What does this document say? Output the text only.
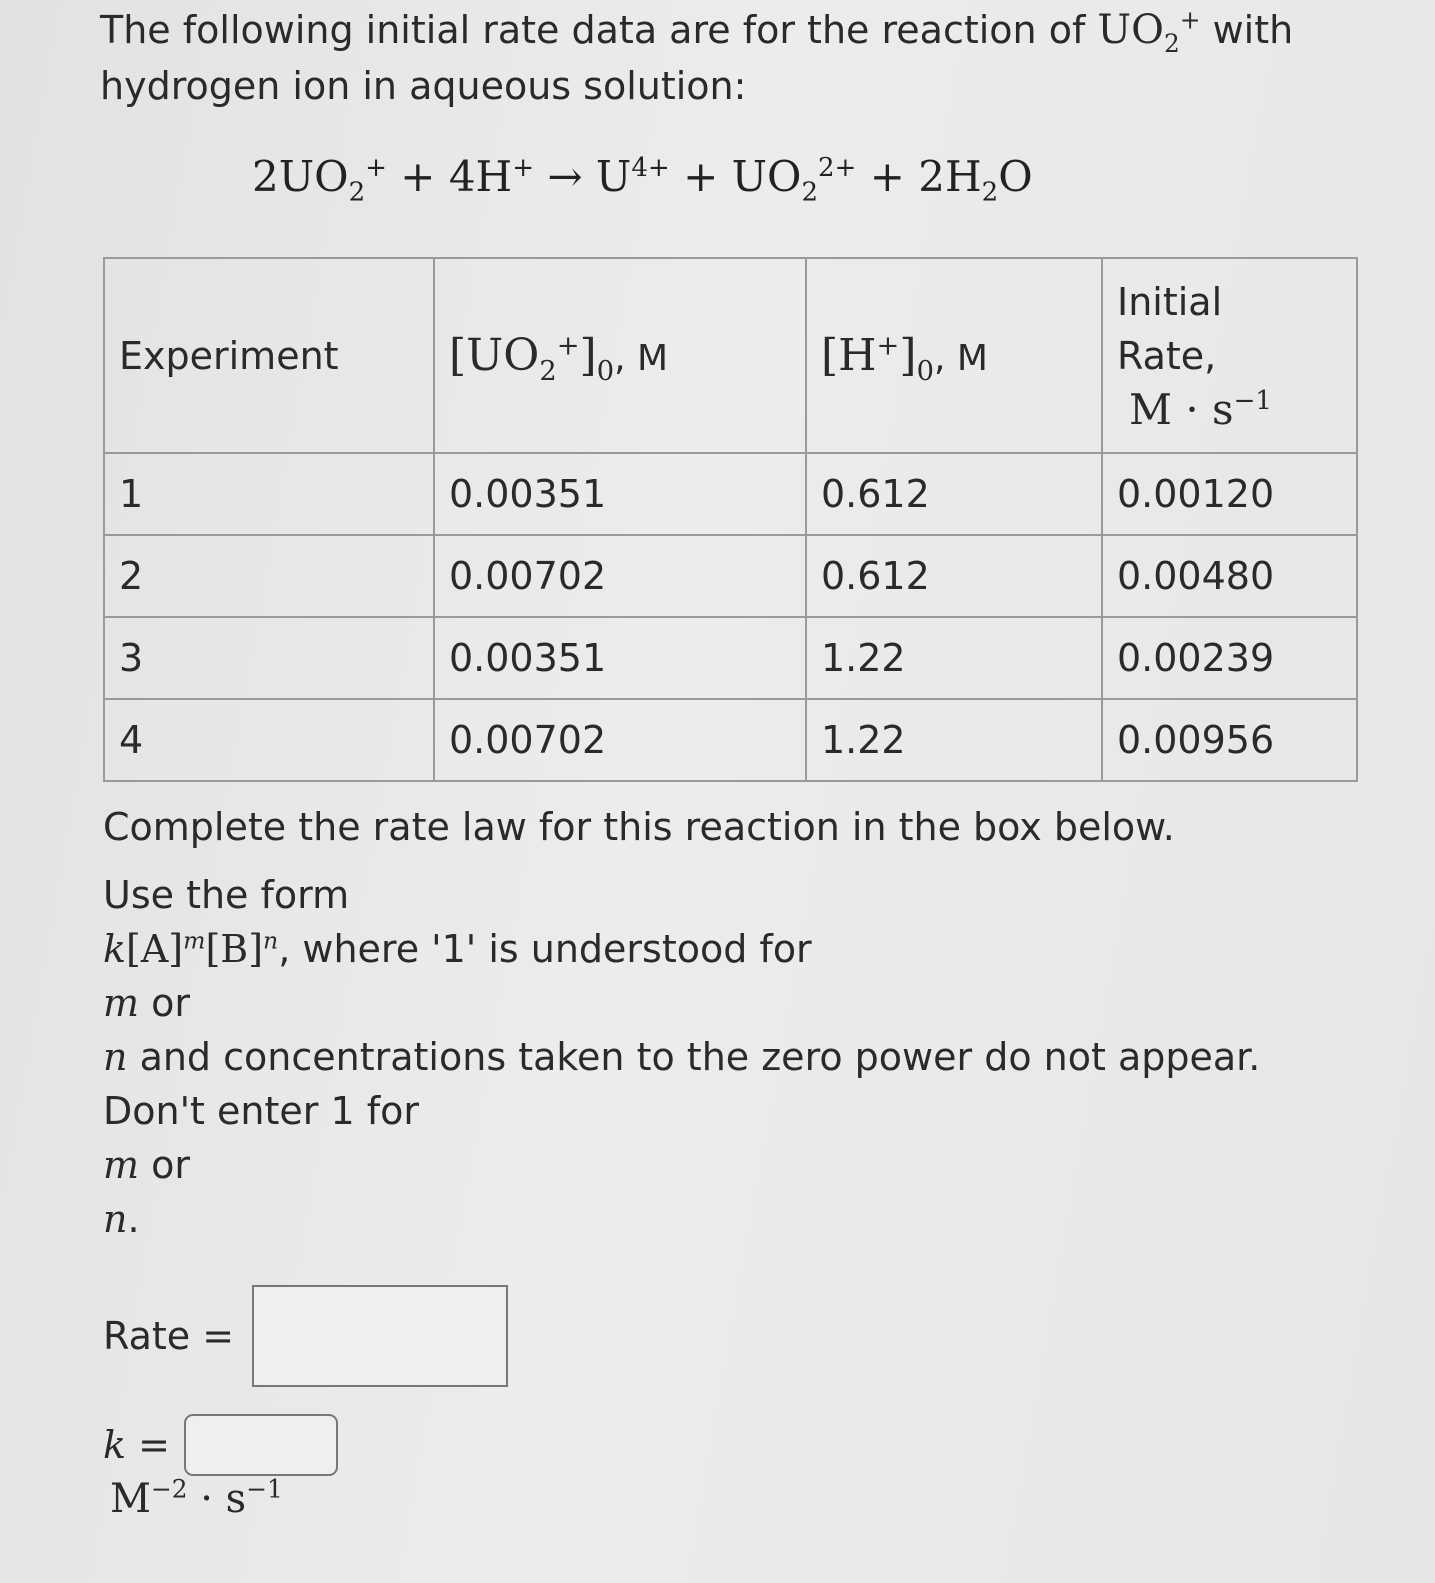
The following initial rate data are for the reaction of $UO_2^+$ with hydrogen ion in aqueous solution:
$2UO_2^+ + 4H^+ \to U^{4+} + UO_2^{2+} + 2H_2O$
Experiment	$[UO_2^+]_0$, M	$[H^+]_0$, M	Initial
Rate,
$M \cdot s^{-1}$

1	0.00351	0.612	0.00120
2	0.00702	0.612	0.00480
3	0.00351	1.22	0.00239
4	0.00702	1.22	0.00956

Complete the rate law for this reaction in the box below.

Use the form

$k[A]^m[B]^n$, where '1' is understood for

m or

n and concentrations taken to the zero power do not appear.

Don't enter 1 for

m or

n.

Rate =
k =
$M^{-2} \cdot s^{-1}$
